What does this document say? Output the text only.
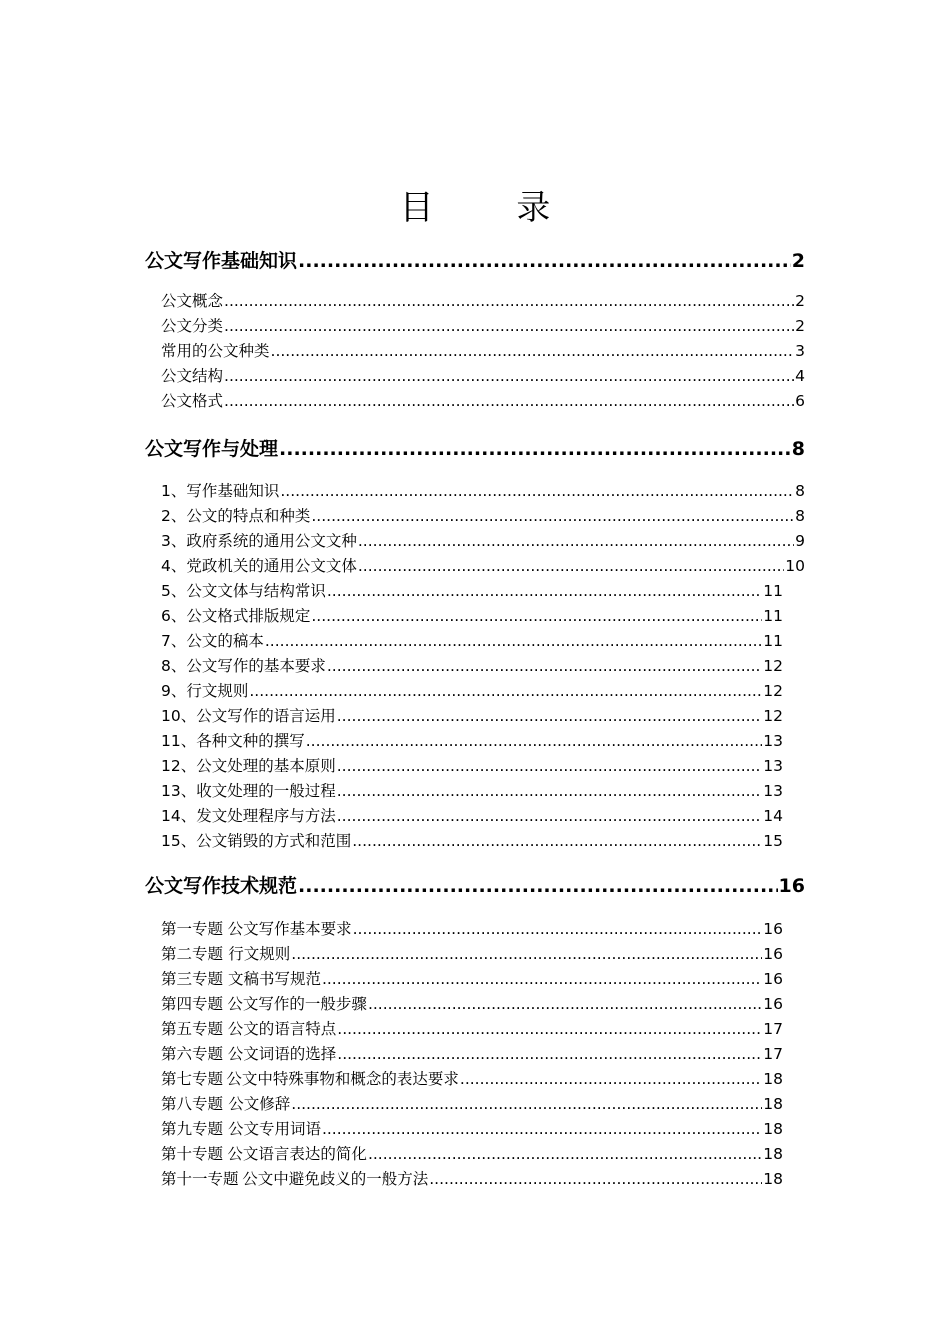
目 录
公文写作基础知识 .....	2
公文概念 .....	2
公文分类 .....	2
常用的公文种类 .....	3
公文结构 .....	4
公文格式 .....	6
公文写作与处理 .....	8
1、写作基础知识 .....	8
2、公文的特点和种类 .....	8
3、政府系统的通用公文文种 .....	9
4、党政机关的通用公文文体 .....	10
5、公文文体与结构常识 .....	11
6、公文格式排版规定 .....	11
7、公文的稿本 .....	11
8、公文写作的基本要求 .....	12
9、行文规则 .....	12
10、公文写作的语言运用 .....	12
11、各种文种的撰写 .....	13
12、公文处理的基本原则 .....	13
13、收文处理的一般过程 .....	13
14、发文处理程序与方法 .....	14
15、公文销毁的方式和范围 .....	15
公文写作技术规范 .....	16
第一专题 公文写作基本要求 .....	16
第二专题 行文规则 .....	16
第三专题 文稿书写规范 .....	16
第四专题 公文写作的一般步骤 .....	16
第五专题 公文的语言特点 .....	17
第六专题 公文词语的选择 .....	17
第七专题 公文中特殊事物和概念的表达要求 .....	18
第八专题 公文修辞 .....	18
第九专题 公文专用词语 .....	18
第十专题 公文语言表达的简化 .....	18
第十一专题 公文中避免歧义的一般方法 .....	18
